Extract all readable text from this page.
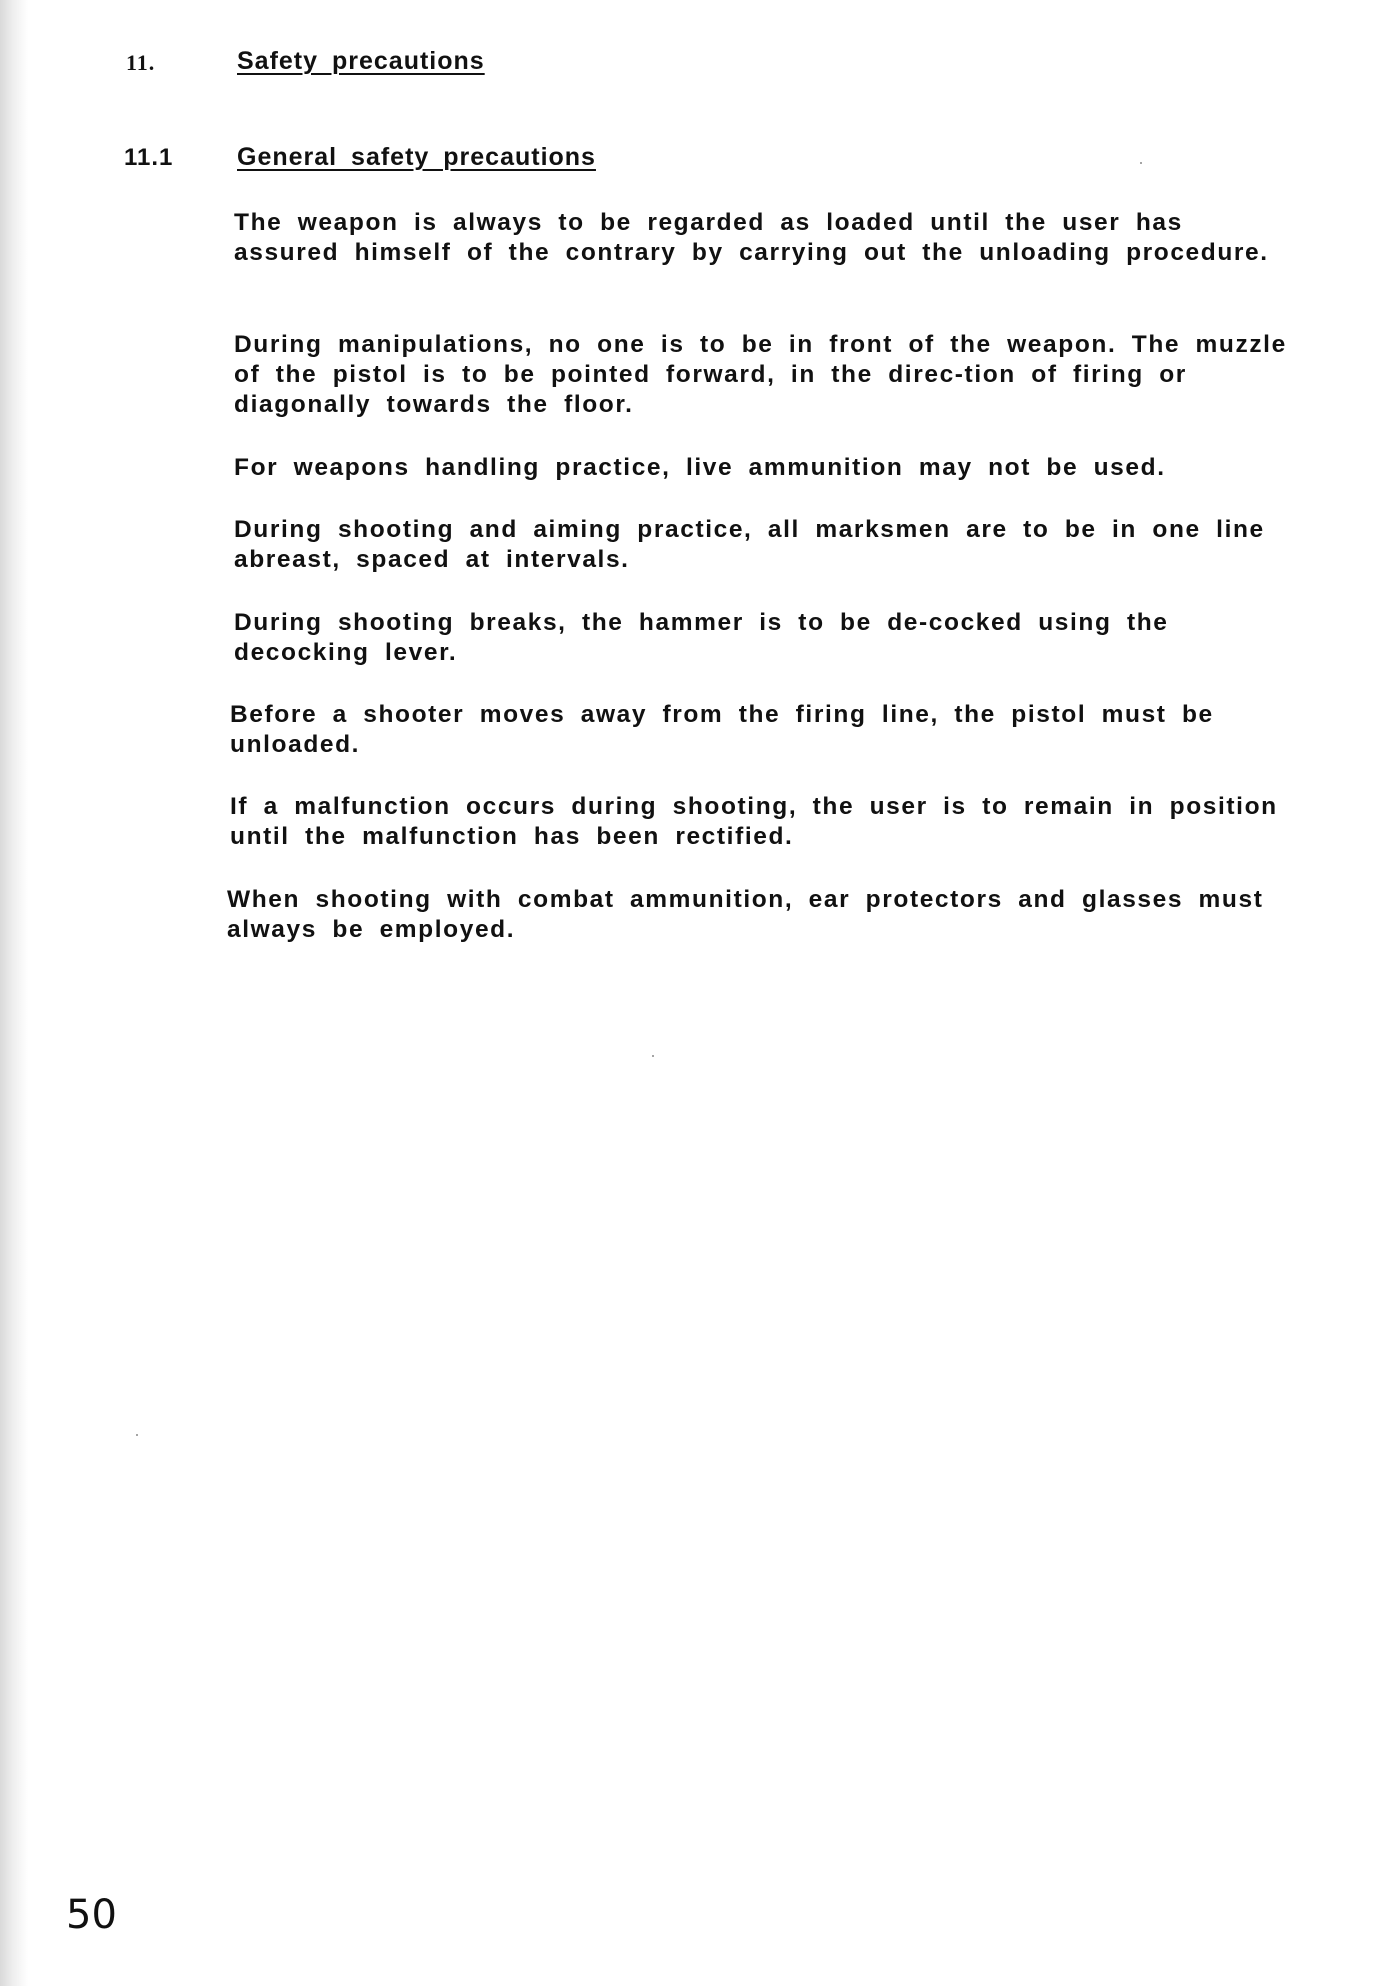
11.	Safety precautions
11.1	General safety precautions

The weapon is always to be regarded as loaded until the user has assured himself of the contrary by carrying out the unloading procedure.

During manipulations, no one is to be in front of the weapon. The muzzle of the pistol is to be pointed forward, in the direc-tion of firing or diagonally towards the floor.

For weapons handling practice, live ammunition may not be used.

During shooting and aiming practice, all marksmen are to be in one line abreast, spaced at intervals.

During shooting breaks, the hammer is to be de-cocked using the decocking lever.

Before a shooter moves away from the firing line, the pistol must be unloaded.

If a malfunction occurs during shooting, the user is to remain in position until the malfunction has been rectified.

When shooting with combat ammunition, ear protectors and glasses must always be employed.

50
